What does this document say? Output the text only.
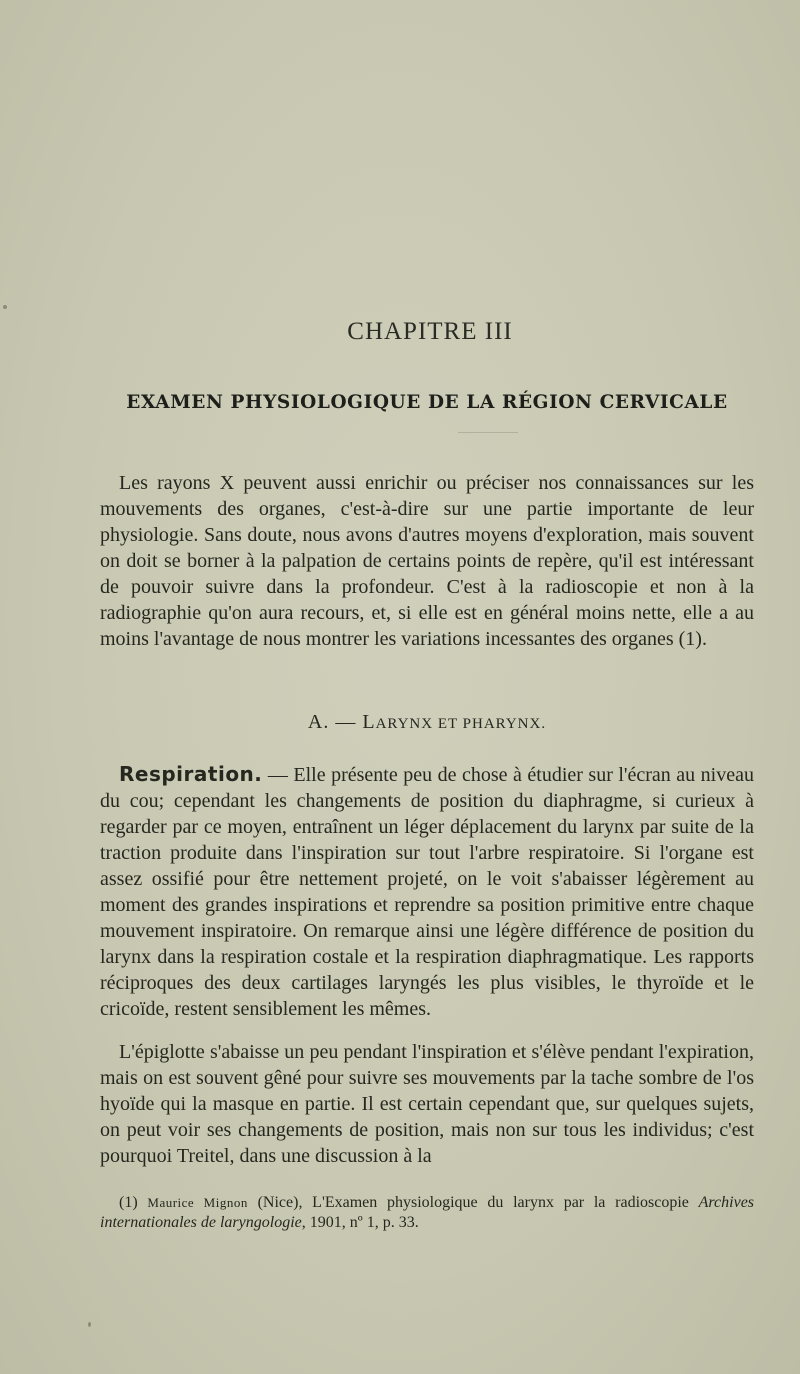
CHAPITRE III
EXAMEN PHYSIOLOGIQUE DE LA RÉGION CERVICALE
Les rayons X peuvent aussi enrichir ou préciser nos connaissances sur les mouvements des organes, c'est-à-dire sur une partie importante de leur physiologie. Sans doute, nous avons d'autres moyens d'exploration, mais souvent on doit se borner à la palpation de certains points de repère, qu'il est intéressant de pouvoir suivre dans la profondeur. C'est à la radioscopie et non à la radiographie qu'on aura recours, et, si elle est en général moins nette, elle a au moins l'avantage de nous montrer les variations incessantes des organes (1).
A. — LARYNX ET PHARYNX.
Respiration. — Elle présente peu de chose à étudier sur l'écran au niveau du cou; cependant les changements de position du diaphragme, si curieux à regarder par ce moyen, entraînent un léger déplacement du larynx par suite de la traction produite dans l'inspiration sur tout l'arbre respiratoire. Si l'organe est assez ossifié pour être nettement projeté, on le voit s'abaisser légèrement au moment des grandes inspirations et reprendre sa position primitive entre chaque mouvement inspiratoire. On remarque ainsi une légère différence de position du larynx dans la respiration costale et la respiration diaphragmatique. Les rapports réciproques des deux cartilages laryngés les plus visibles, le thyroïde et le cricoïde, restent sensiblement les mêmes.
L'épiglotte s'abaisse un peu pendant l'inspiration et s'élève pendant l'expiration, mais on est souvent gêné pour suivre ses mouvements par la tache sombre de l'os hyoïde qui la masque en partie. Il est certain cependant que, sur quelques sujets, on peut voir ses changements de position, mais non sur tous les individus; c'est pourquoi Treitel, dans une discussion à la
(1) Maurice Mignon (Nice), L'Examen physiologique du larynx par la radioscopie Archives internationales de laryngologie, 1901, nº 1, p. 33.
